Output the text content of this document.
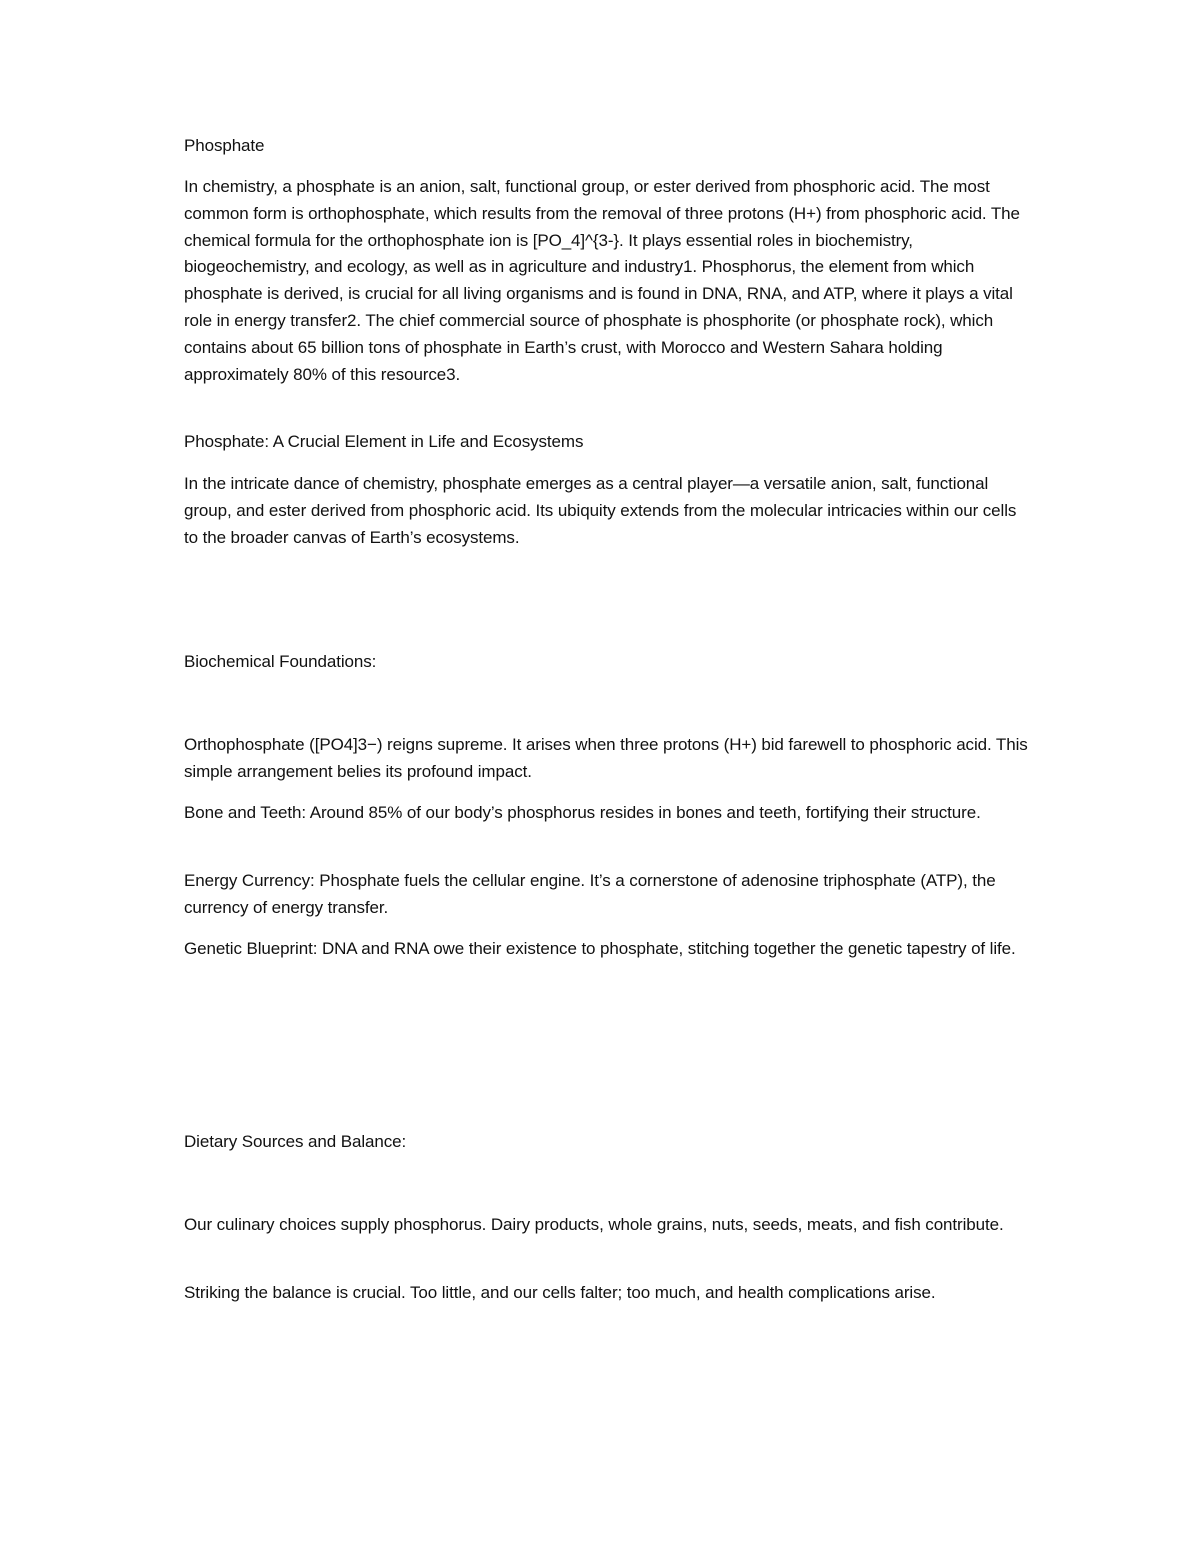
Phosphate

In chemistry, a phosphate is an anion, salt, functional group, or ester derived from phosphoric acid. The most common form is orthophosphate, which results from the removal of three protons (H+) from phosphoric acid. The chemical formula for the orthophosphate ion is [PO_4]^{3-}. It plays essential roles in biochemistry, biogeochemistry, and ecology, as well as in agriculture and industry1. Phosphorus, the element from which phosphate is derived, is crucial for all living organisms and is found in DNA, RNA, and ATP, where it plays a vital role in energy transfer2. The chief commercial source of phosphate is phosphorite (or phosphate rock), which contains about 65 billion tons of phosphate in Earth’s crust, with Morocco and Western Sahara holding approximately 80% of this resource3.

Phosphate: A Crucial Element in Life and Ecosystems

In the intricate dance of chemistry, phosphate emerges as a central player—a versatile anion, salt, functional group, and ester derived from phosphoric acid. Its ubiquity extends from the molecular intricacies within our cells to the broader canvas of Earth’s ecosystems.

Biochemical Foundations:

Orthophosphate ([PO4]3−) reigns supreme. It arises when three protons (H+) bid farewell to phosphoric acid. This simple arrangement belies its profound impact.

Bone and Teeth: Around 85% of our body’s phosphorus resides in bones and teeth, fortifying their structure.

Energy Currency: Phosphate fuels the cellular engine. It’s a cornerstone of adenosine triphosphate (ATP), the currency of energy transfer.

Genetic Blueprint: DNA and RNA owe their existence to phosphate, stitching together the genetic tapestry of life.

Dietary Sources and Balance:

Our culinary choices supply phosphorus. Dairy products, whole grains, nuts, seeds, meats, and fish contribute.

Striking the balance is crucial. Too little, and our cells falter; too much, and health complications arise.
